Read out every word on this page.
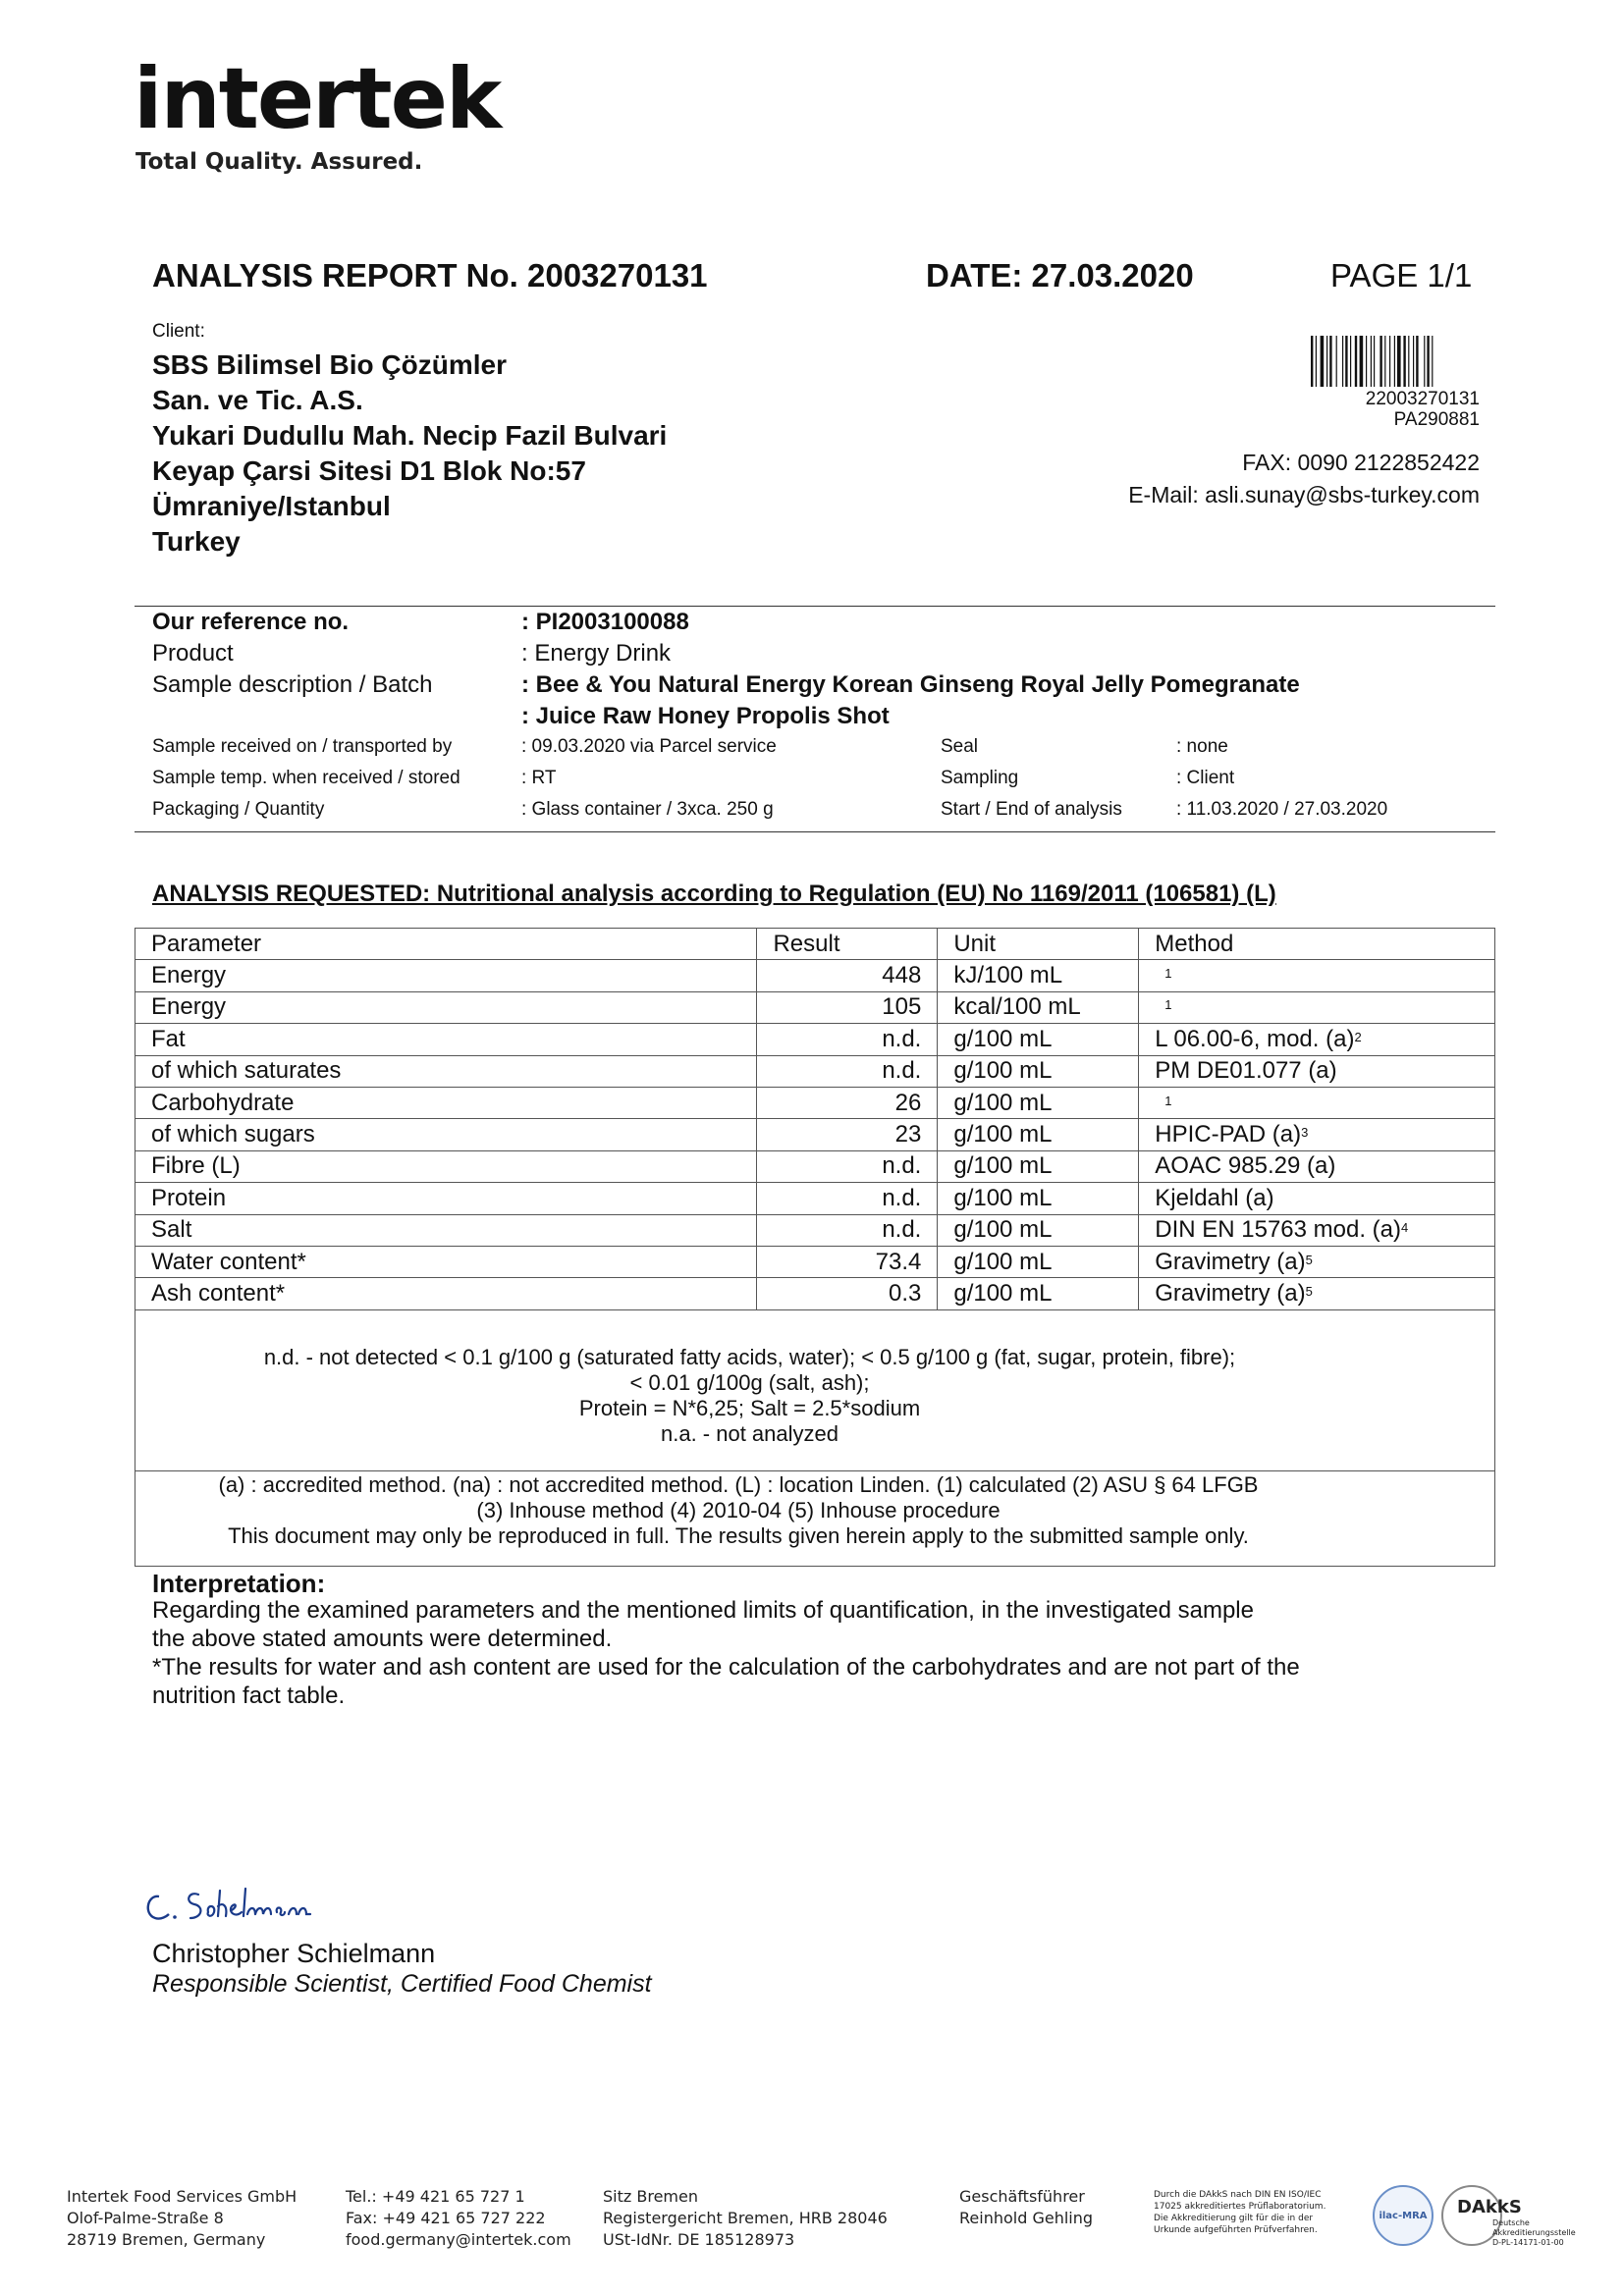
intertek
Total Quality. Assured.
ANALYSIS REPORT No. 2003270131	DATE: 27.03.2020	PAGE 1/1
Client:
SBS Bilimsel Bio Çözümler
San. ve Tic. A.S.
Yukari Dudullu Mah. Necip Fazil Bulvari
Keyap Çarsi Sitesi D1 Blok No:57
Ümraniye/Istanbul
Turkey
22003270131
PA290881
FAX: 0090 2122852422
E-Mail: asli.sunay@sbs-turkey.com
Our reference no.	: PI2003100088
Product	: Energy Drink
Sample description / Batch	: Bee & You Natural Energy Korean Ginseng Royal Jelly Pomegranate
: Juice Raw Honey Propolis Shot
Sample received on / transported by	: 09.03.2020 via Parcel service	Seal	: none
Sample temp. when received / stored	: RT	Sampling	: Client
Packaging / Quantity	: Glass container / 3xca. 250 g	Start / End of analysis	: 11.03.2020 / 27.03.2020
ANALYSIS REQUESTED: Nutritional analysis according to Regulation (EU) No 1169/2011 (106581) (L)
Parameter	Result	Unit	Method
Energy	448	kJ/100 mL	$^1$
Energy	105	kcal/100 mL	$^1$
Fat	n.d.	g/100 mL	L 06.00-6, mod. $(a)^2$
of which saturates	n.d.	g/100 mL	PM DE01.077 (a)
Carbohydrate	26	g/100 mL	$^1$
of which sugars	23	g/100 mL	HPIC-PAD $(a)^3$
Fibre (L)	n.d.	g/100 mL	AOAC 985.29 (a)
Protein	n.d.	g/100 mL	Kjeldahl (a)
Salt	n.d.	g/100 mL	DIN EN 15763 mod. $(a)^4$
Water content*	73.4	g/100 mL	Gravimetry $(a)^5$
Ash content*	0.3	g/100 mL	Gravimetry $(a)^5$
n.d. - not detected < 0.1 g/100 g (saturated fatty acids, water); < 0.5 g/100 g (fat, sugar, protein, fibre);
< 0.01 g/100g (salt, ash);
Protein = N*6,25; Salt = 2.5*sodium
n.a. - not analyzed
(a) : accredited method. (na) : not accredited method. (L) : location Linden. (1) calculated (2) ASU § 64 LFGB
(3) Inhouse method (4) 2010-04 (5) Inhouse procedure
This document may only be reproduced in full. The results given herein apply to the submitted sample only.
Interpretation:
Regarding the examined parameters and the mentioned limits of quantification, in the investigated sample
the above stated amounts were determined.
*The results for water and ash content are used for the calculation of the carbohydrates and are not part of the
nutrition fact table.
Christopher Schielmann
Responsible Scientist, Certified Food Chemist
Intertek Food Services GmbH
Olof-Palme-Straße 8
28719 Bremen, Germany
Tel.: +49 421 65 727 1
Fax: +49 421 65 727 222
food.germany@intertek.com
Sitz Bremen
Registergericht Bremen, HRB 28046
USt-IdNr. DE 185128973
Geschäftsführer
Reinhold Gehling
Durch die DAkkS nach DIN EN ISO/IEC
17025 akkreditiertes Prüflaboratorium.
Die Akkreditierung gilt für die in der
Urkunde aufgeführten Prüfverfahren.
ilac-MRA DAkkS
Deutsche
Akkreditierungsstelle
D-PL-14171-01-00
